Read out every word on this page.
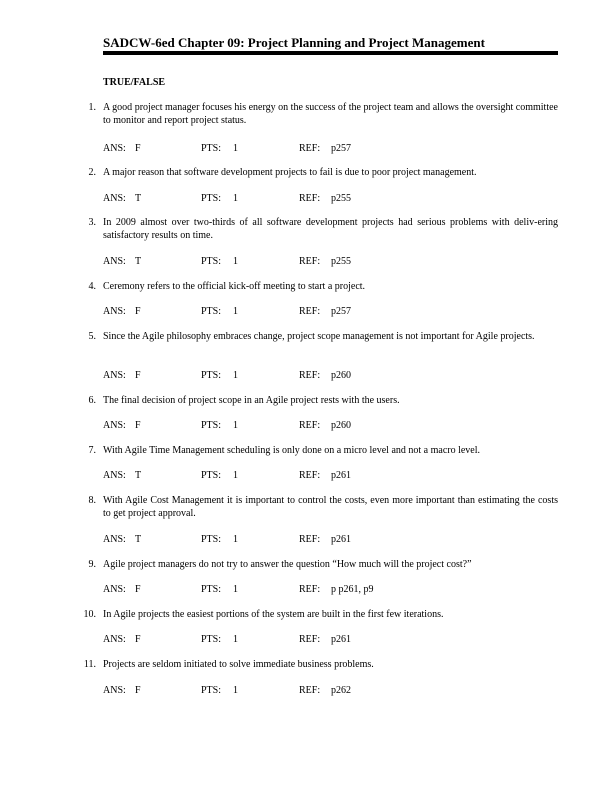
SADCW-6ed Chapter 09: Project Planning and Project Management
TRUE/FALSE
1. A good project manager focuses his energy on the success of the project team and allows the oversight committee to monitor and report project status.
ANS: F	PTS: 1	REF: p257
2. A major reason that software development projects to fail is due to poor project management.
ANS: T	PTS: 1	REF: p255
3. In 2009 almost over two-thirds of all software development projects had serious problems with deliv-ering satisfactory results on time.
ANS: T	PTS: 1	REF: p255
4. Ceremony refers to the official kick-off meeting to start a project.
ANS: F	PTS: 1	REF: p257
5. Since the Agile philosophy embraces change, project scope management is not important for Agile projects.
ANS: F	PTS: 1	REF: p260
6. The final decision of project scope in an Agile project rests with the users.
ANS: F	PTS: 1	REF: p260
7. With Agile Time Management scheduling is only done on a micro level and not a macro level.
ANS: T	PTS: 1	REF: p261
8. With Agile Cost Management it is important to control the costs, even more important than estimating the costs to get project approval.
ANS: T	PTS: 1	REF: p261
9. Agile project managers do not try to answer the question “How much will the project cost?”
ANS: F	PTS: 1	REF: p p261, p9
10. In Agile projects the easiest portions of the system are built in the first few iterations.
ANS: F	PTS: 1	REF: p261
11. Projects are seldom initiated to solve immediate business problems.
ANS: F	PTS: 1	REF: p262
